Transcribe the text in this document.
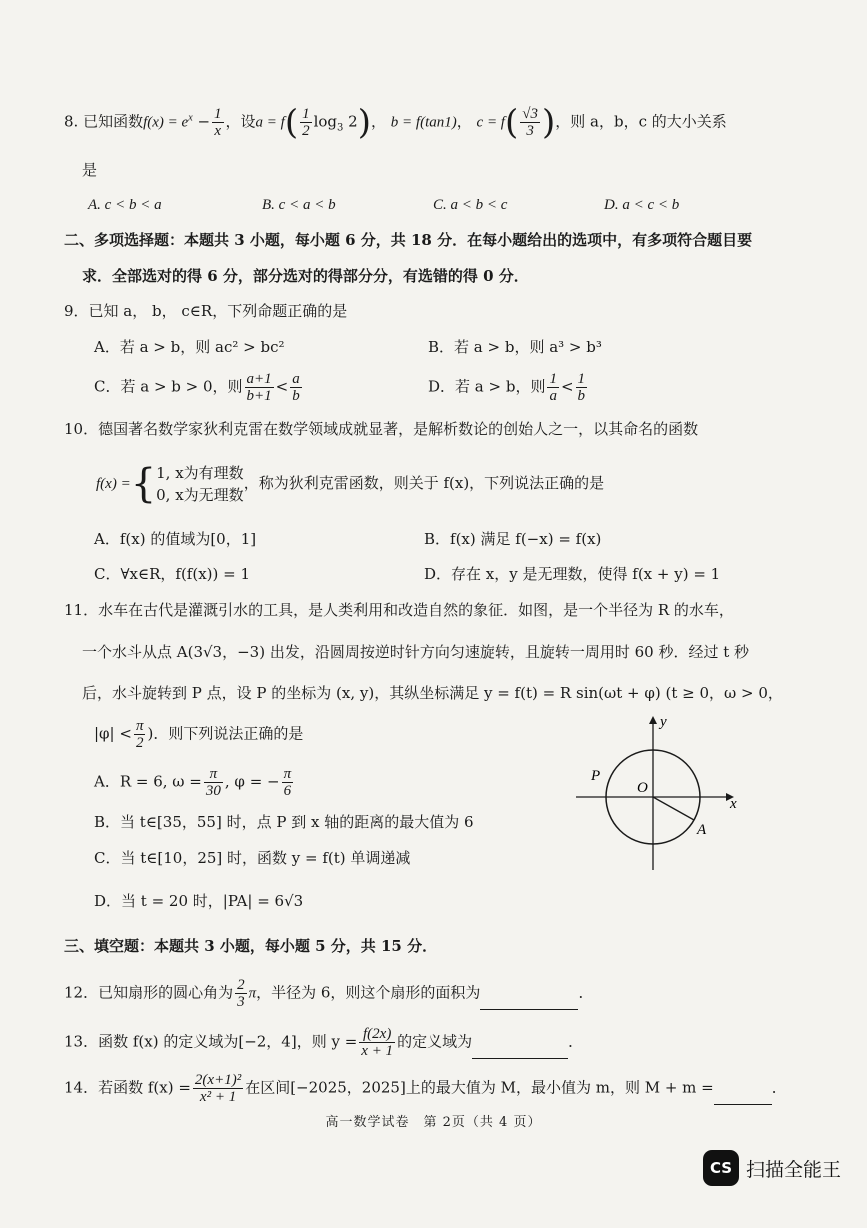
8. 已知函数$f(x) = e^x - \frac{1}{x}$ ，设$a = f( \frac{1}{2} \log_3 2)$， b = f(tan1)， $c = f( \frac{√3}{3}$ )，则 a，b，c 的大小关系
是
A. c < b < a	B. c < a < b	C. a < b < c	D. a < c < b
二、多项选择题：本题共 3 小题，每小题 6 分，共 18 分．在每小题给出的选项中，有多项符合题目要
求．全部选对的得 6 分，部分选对的得部分分，有选错的得 0 分．
9．已知 a， b， c∈R，下列命题正确的是
A．若 a > b，则 ac² > bc²	B．若 a > b，则 a³ > b³
C．若 a > b > 0，则 $\frac{a+1}{b+1} < \frac{a}{b}$	D．若 a > b，则 $\frac{1}{a} < \frac{1}{b}$
10．德国著名数学家狄利克雷在数学领域成就显著，是解析数论的创始人之一，以其命名的函数
f(x) ={ 1, x为有理数
0, x为无理数
，称为狄利克雷函数，则关于 f(x)，下列说法正确的是
A．f(x) 的值域为[0，1]	B．f(x) 满足 f(−x) = f(x)
C．∀x∈R，f(f(x)) = 1	D．存在 x，y 是无理数，使得 f(x + y) = 1
11．水车在古代是灌溉引水的工具，是人类利用和改造自然的象征．如图，是一个半径为 R 的水车，
一个水斗从点 A(3√3，−3) 出发，沿圆周按逆时针方向匀速旋转，且旋转一周用时 60 秒．经过 t 秒
后，水斗旋转到 P 点，设 P 的坐标为 (x, y)，其纵坐标满足 y = f(t) = R sin(ωt + φ) (t ≥ 0，ω > 0，
$|\varphi| < \frac{\pi}{2}$ )．则下列说法正确的是
A．R = 6, $\omega = \frac{\pi}{30}$ , φ = − $\frac{\pi}{6}$
B．当 t∈[35，55] 时，点 P 到 x 轴的距离的最大值为 6
C．当 t∈[10，25] 时，函数 y = f(t) 单调递减
D．当 t = 20 时，|PA| = 6√3
y
x
O
P
A
三、填空题：本题共 3 小题，每小题 5 分，共 15 分．
12．已知扇形的圆心角为 $\frac{2}{3}$ π，半径为 6，则这个扇形的面积为	．
13．函数 f(x) 的定义域为[−2，4]，则 $y = \frac{f(2x)}{x + 1}$ 的定义域为	．
14．若函数 $f(x) = \frac{\text{2(x+1)²}}{\text{x² + 1}}$ 在区间[−2025，2025]上的最大值为 M，最小值为 m，则 M + m =	．
高一数学试卷　第 2页（共 4 页）
CS 扫描全能王
